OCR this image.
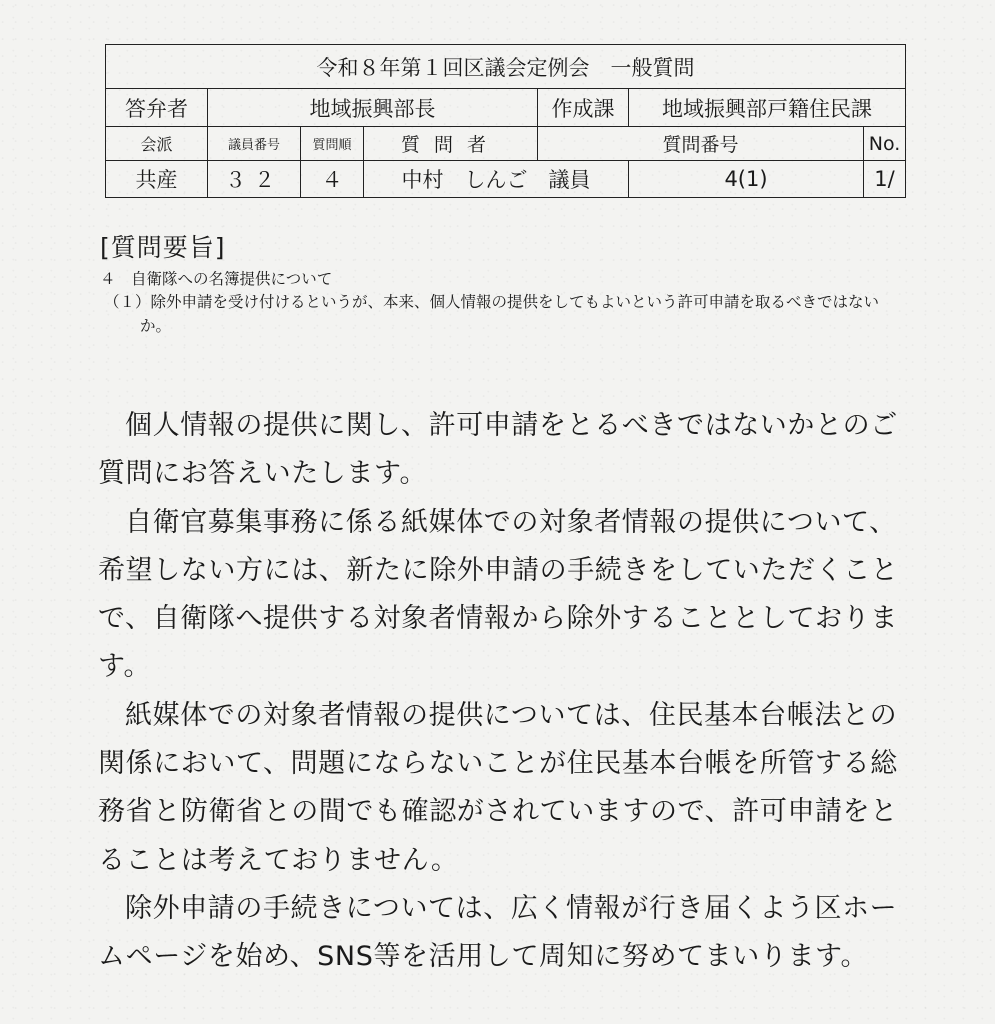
令和８年第１回区議会定例会　一般質問						
答弁者	地域振興部長			作成課	地域振興部戸籍住民課	
会派	議員番号	質問順	質問者	質問番号		No.
共産	３２	４	中村　しんご　議員		4(1)	1/
[質問要旨]

４　自衛隊への名簿提供について

（１）除外申請を受け付けるというが、本来、個人情報の提供をしてもよいという許可申請を取るべきではないか。

個人情報の提供に関し、許可申請をとるべきではないかとのご質問にお答えいたします。

自衛官募集事務に係る紙媒体での対象者情報の提供について、希望しない方には、新たに除外申請の手続きをしていただくことで、自衛隊へ提供する対象者情報から除外することとしております。

紙媒体での対象者情報の提供については、住民基本台帳法との関係において、問題にならないことが住民基本台帳を所管する総務省と防衛省との間でも確認がされていますので、許可申請をとることは考えておりません。

除外申請の手続きについては、広く情報が行き届くよう区ホームページを始め、SNS等を活用して周知に努めてまいります。
